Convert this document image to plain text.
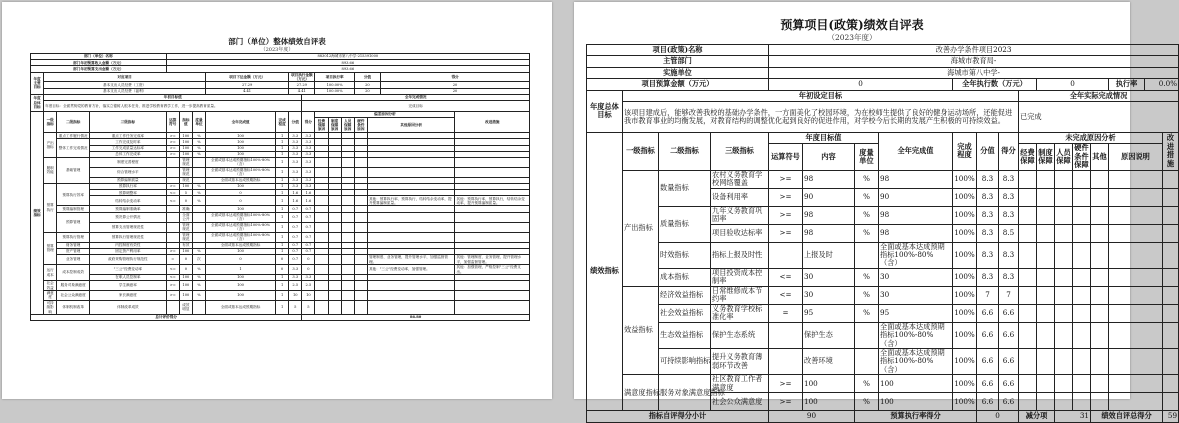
部门（单位）整体绩效自评表
（2023年度）
部门（单位）名称				883012海城市第八中学-215391000													
部门年初预算收入金额（万元）				893.66													
部门年初预算支出金额（万元）				893.66													
年度主要目标	对应项目						项目下达金额（万元）		项目执行金额（万元）		项目执行率			分值		得分	
	基本支出人员经费（工资）						27.29		27.29		100.00%			20		20	
	基本支出人员经费（福利）						4.41		4.41		100.00%			20		20	
年度总体目标	年初目标值									全年完成情况							
	年度目标：全面贯彻党的教育方针，落实立德树人根本任务，推进学校教育教学工作，进一步提高教育质量。									完成目标							
绩效指标	一级指标	二级指标	三级指标	运算符号	指标值	度量单位	全年完成值	完成程度	分值	得分	偏差原因分析						改进措施
											经费保障原因	制度保障原因	人员保障原因	硬件条件原因	其他原因分析		
	产出指标	重点工作履行情况	重点工作任务完成率	>=	100	%	100	1	3.3	3.3							
		整体工作完成情况	工作完成及时率	>=	100	%	100	1	3.3	3.3							
			工作完成质量达标率	>=	100	%	100	1	3.3	3.3							
			总体工作完成率	>=	100	%	100	1	3.3	3.3							
	履职效能	基础管理	制度完善程度		管理规范		全面或基本达成预期指标100%-80%（含）	1	3.3	3.3							
			综合管理水平		管理规范		全面或基本达成预期指标100%-80%（含）	1	3.3	3.3							
			预算编制质量		规范		全面或基本达成预期指标	1	3.3	3.3							
	预算执行	预算执行效率	预算执行率	>=	100	%	100	1	3.3	3.3							
			预算调整率	<=	5	%	0	1	1.6	1.6							
			结转结余变动率	<=	0	%	0	1	1.6	1.6					其他：预算执行率、预算执行，结转结余变动率，提升预算编制质量。		其他：预算执行率，预算执行，结转结余变动率，提升预算编制质量。
		预算编制管理	预算编制准确率		准确		100	1	0.7	0.7							
		预算管理	预决算公开情况		全面公开		全面或基本达成预期指标100%-80%（含）	1	0.7	0.7							
			预算支出管理规范性		管理规范		全面或基本达成预期指标100%-80%（含）	1	0.7	0.7							
	预算管理	预算执行管理	预算执行管理规范性		管理规范		全面或基本达成预期指标100%-80%（含）	1	0.7	0.7							
		财务管理	内控制度有效性		有效		全面或基本达成预期指标	1	0.7	0.7							
		资产管理	固定资产利用率	>=	100	%	100	1	0.7	0.7							
		业务管理	政府采购管理执行规范性	=	0	次	0	0	0.7	0					管理制度、业务管理，提升管理水平，加强监督管理。		其他：管理制度、业务管理，提升管理水平，加强监督管理。
	运行成本	成本控制成效	"三公"经费变动率	<=	0	%	1	0	3.3	0					其他："三公"经费变动率，加强管理。		其他：加强管理，严格控制"三公"经费支出。
			在职人员控制率	<=	100	%	100	1	3.3	3.3							
	社会效益	服务对象满意度	学生满意率	>=	100	%	100	1	2.5	2.5							
	满意度	社会公众满意度	家长满意度	>=	100	%	100	1	10	10							
	可持续影响	体制机制改革	体制改革成效		成效明显		全面或基本达成预期指标	1	5	5							
总计评价得分										86.80							
预算项目(政策)绩效自评表
（2023年度）
项目(政策)名称				改善办学条件项目2023														
主管部门				海城市教育局-														
实施单位				海城市第八中学-														
项目预算金额（万元）				0				全年执行数（万元）				0				执行率	0.0%	
年度总体目标	年初设定目标										全年实际完成情况							
	该项目建成后，能够改善我校的基础办学条件，一方面美化了校园环境，为在校师生提供了良好的健身运动场所，还能促进我市教育事业的均衡发展，对教育结构的调整优化起到良好的促进作用，对学校今后长期的发展产生积极的可持续效益。										已完成							
绩效指标	一级指标	二级指标	三级指标	年度目标值			全年完成值	完成程度	分值	得分	未完成原因分析							改进措施
				运算符号	内容	度量单位					经费保障	制度保障	人员保障	硬件条件保障	其他	原因说明		

	产出指标	数量指标	农村义务教育学校网络覆盖	>=	98	%	98	100%	8.3	8.3								
			设备利用率	>=	90	%	90	100%	8.3	8.3								
		质量指标	九年义务教育巩固率	>=	98	%	98	100%	8.3	8.3								
			项目验收达标率	>=	98	%	98	100%	8.3	8.5								
		时效指标	指标上报及时性		上报及时		全面或基本达成预期指标100%-80%（含）	100%	8.3	8.3								
		成本指标	项目投资成本控制率	<=	30	%	30	100%	8.3	8.3								
	效益指标	经济效益指标	日常维修成本节约率	<=	30	%	30	100%	7	7								
		社会效益指标	义务教育学校标准化率	=	95	%	95	100%	6.6	6.6								
		生态效益指标	保护生态系统		保护生态		全面或基本达成预期指标100%-80%（含）	100%	6.6	6.6								
		可持续影响指标	提升义务教育薄弱环节改善		改善环境		全面或基本达成预期指标100%-80%（含）	100%	6.6	6.6								
	满意度指标	服务对象满意度指标	社区教育工作者满意度	>=	100	%	100	100%	6.6	6.6								
			社会公众满意度	>=	100	%	100	100%	6.6	6.6								
指标自评得分小计				90		预算执行率得分			0		减分项		31		绩效自评总得分			59
